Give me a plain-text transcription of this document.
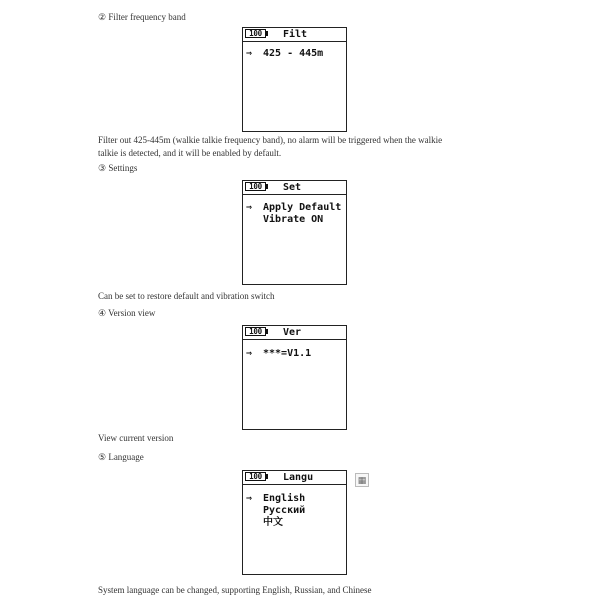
② Filter frequency band
100	Filt
⇒ 425 - 445m
Filter out 425-445m (walkie talkie frequency band), no alarm will be triggered when the walkie
talkie is detected, and it will be enabled by default.
③ Settings
100	Set
⇒ Apply Default
Vibrate ON
Can be set to restore default and vibration switch
④ Version view
100	Ver
⇒ ***=V1.1
View current version
⑤ Language
100	Langu
⇒ English
Русский
中文
▦
System language can be changed, supporting English, Russian, and Chinese
